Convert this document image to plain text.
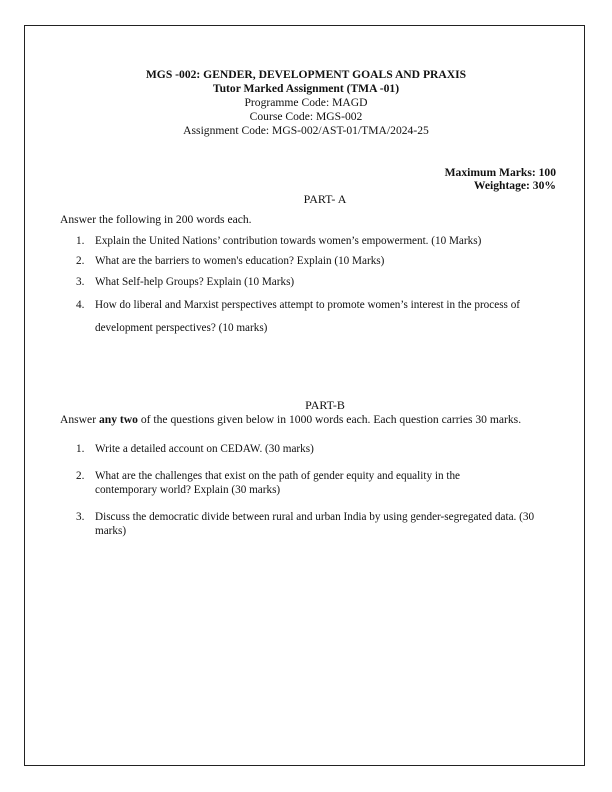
MGS -002: GENDER, DEVELOPMENT GOALS AND PRAXIS
Tutor Marked Assignment (TMA -01)
Programme Code: MAGD
Course Code: MGS-002
Assignment Code: MGS-002/AST-01/TMA/2024-25
Maximum Marks: 100
Weightage: 30%
PART- A
Answer the following in 200 words each.
1. Explain the United Nations’ contribution towards women’s empowerment. (10 Marks)
2. What are the barriers to women's education? Explain (10 Marks)
3. What Self-help Groups? Explain (10 Marks)
4. How do liberal and Marxist perspectives attempt to promote women’s interest in the process of development perspectives? (10 marks)
PART-B
Answer any two of the questions given below in 1000 words each. Each question carries 30 marks.
1. Write a detailed account on CEDAW. (30 marks)
2. What are the challenges that exist on the path of gender equity and equality in the contemporary world? Explain (30 marks)
3. Discuss the democratic divide between rural and urban India by using gender-segregated data. (30 marks)
